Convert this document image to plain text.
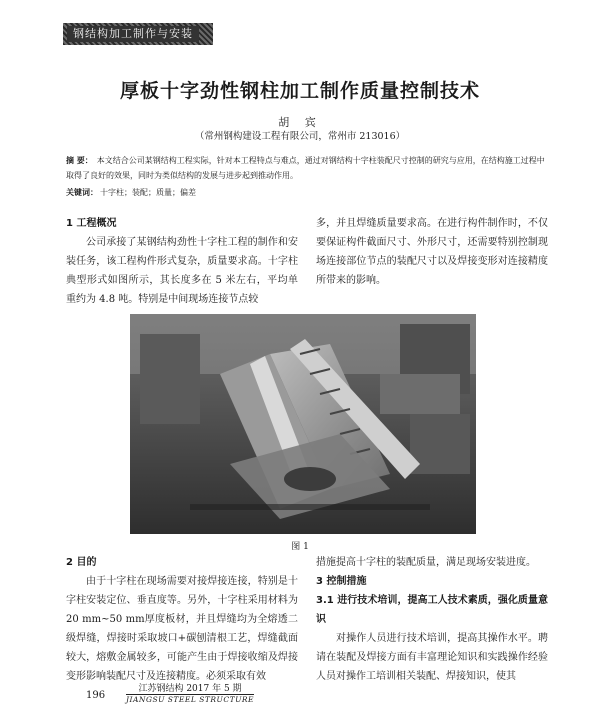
钢结构加工制作与安装
厚板十字劲性钢柱加工制作质量控制技术
胡 宾
（常州钢构建设工程有限公司，常州市 213016）
摘 要： 本文结合公司某钢结构工程实际，针对本工程特点与难点，通过对钢结构十字柱装配尺寸控制的研究与应用，在结构施工过程中取得了良好的效果，同时为类似结构的发展与进步起到推动作用。
关键词： 十字柱；装配；质量；偏差

1 工程概况

公司承接了某钢结构劲性十字柱工程的制作和安装任务，该工程构件形式复杂，质量要求高。十字柱典型形式如图所示，其长度多在 5 米左右，平均单重约为 4.8 吨。特别是中间现场连接节点较

多，并且焊缝质量要求高。在进行构件制作时，不仅要保证构件截面尺寸、外形尺寸，还需要特别控制现场连接部位节点的装配尺寸以及焊接变形对连接精度所带来的影响。

图 1

2 目的

由于十字柱在现场需要对接焊接连接，特别是十字柱安装定位、垂直度等。另外，十字柱采用材料为 20 mm~50 mm厚度板材，并且焊缝均为全熔透二级焊缝，焊接时采取坡口+碳刨清根工艺，焊缝截面较大，熔敷金属较多，可能产生由于焊接收缩及焊接变形影响装配尺寸及连接精度。必须采取有效

措施提高十字柱的装配质量，满足现场安装进度。

3 控制措施

3.1 进行技术培训，提高工人技术素质，强化质量意识

对操作人员进行技术培训，提高其操作水平。聘请在装配及焊接方面有丰富理论知识和实践操作经验人员对操作工培训相关装配、焊接知识，使其

196
江苏钢结构 2017 年 5 期
JIANGSU STEEL STRUCTURE
